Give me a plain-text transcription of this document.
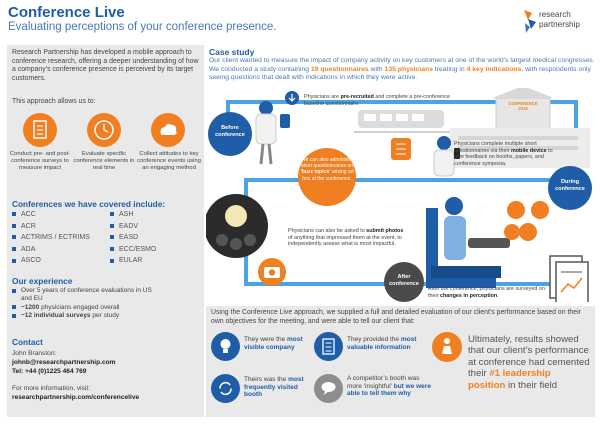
Conference Live
Evaluating perceptions of your conference presence.
research
partnership
Research Partnership has developed a mobile approach to conference research, offering a deeper understanding of how a company’s conference presence is perceived by its target customers.
This approach allows us to:
Conduct pre- and post-conference surveys to measure impact
Evaluate specific conference elements in real time
Collect attitudes to key conference events using an engaging method
Conferences we have covered include:
ACC
ACR
ACTRIMS / ECTRIMS
ADA
ASCO
ASH
EADV
EASD
ECC/ESMO
EULAR
Our experience
Over 5 years of conference evaluations in US and EU
~1200 physicians engaged overall
~12 individual surveys per study
Contact
John Branston:
johnb@researchpartnership.com
Tel: +44 (0)1225 464 769
For more information, visit:
researchpartnership.com/conferencelive
Case study
Our client wanted to measure the impact of company activity on key customers at one of the world’s largest medical congresses. We conducted a study containing 19 questionnaires with 135 physicians treating in 4 key indications, with respondents only seeing questions that dealt with indications in which they were active.
CONFERENCE
2016
Before
conference
During
conference
After
conference
Physicians are pre-recruited and complete a pre-conference baseline questionnaire.
Physicians complete multiple short questionnaires via their mobile device to give feedback on booths, papers, and conference symposia.
We can also administer short questionnaires on ‘buzz topics’ arising ad hoc at the conference.
Physicians can also be asked to submit photos of anything that impressed them at the event, to independently assess what is most impactful.
After the conference, physicians are surveyed on their changes in perception.
Using the Conference Live approach, we supplied a full and detailed evaluation of our client’s performance based on their own objectives for the meeting, and were able to tell our client that:
They were the most visible company
They provided the most valuable information
Theirs was the most frequently visited booth
A competitor’s booth was more ‘insightful’ but we were able to tell them why
Ultimately, results showed that our client’s performance at conference had cemented their #1 leadership position in their field
